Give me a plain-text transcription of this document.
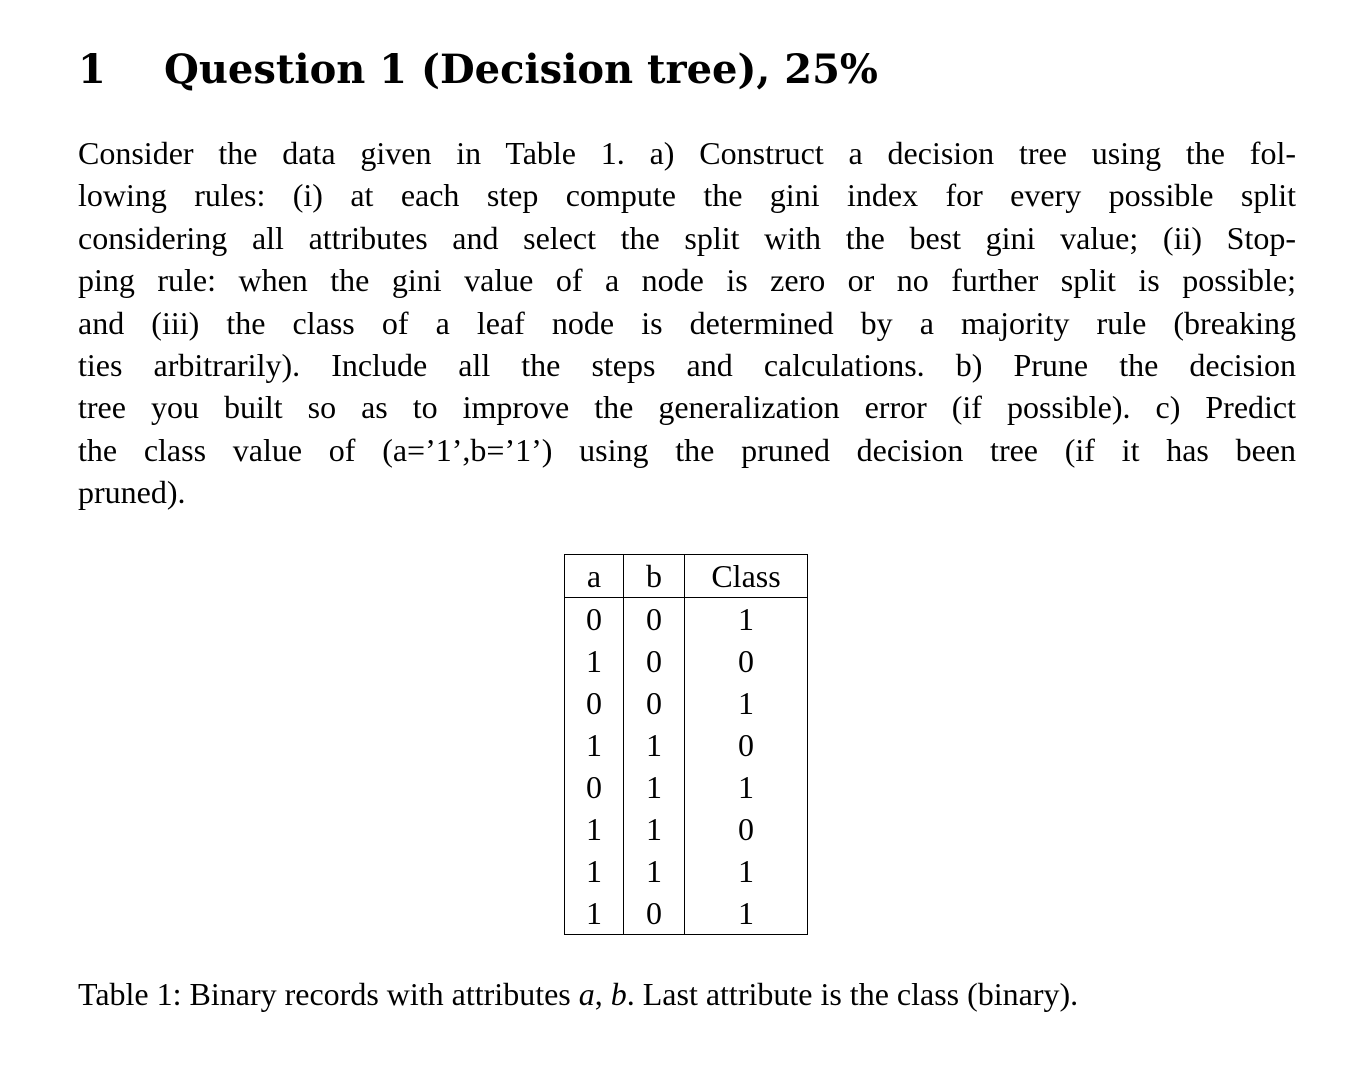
1 Question 1 (Decision tree), 25%

Consider the data given in Table 1. a) Construct a decision tree using the fol-
lowing rules: (i) at each step compute the gini index for every possible split
considering all attributes and select the split with the best gini value; (ii) Stop-
ping rule: when the gini value of a node is zero or no further split is possible;
and (iii) the class of a leaf node is determined by a majority rule (breaking
ties arbitrarily). Include all the steps and calculations. b) Prune the decision
tree you built so as to improve the generalization error (if possible). c) Predict
the class value of (a=’1’,b=’1’) using the pruned decision tree (if it has been
pruned).

a	b	Class
0	0	1
1	0	0
0	0	1
1	1	0
0	1	1
1	1	0
1	1	1
1	0	1

Table 1: Binary records with attributes a, b. Last attribute is the class (binary).
